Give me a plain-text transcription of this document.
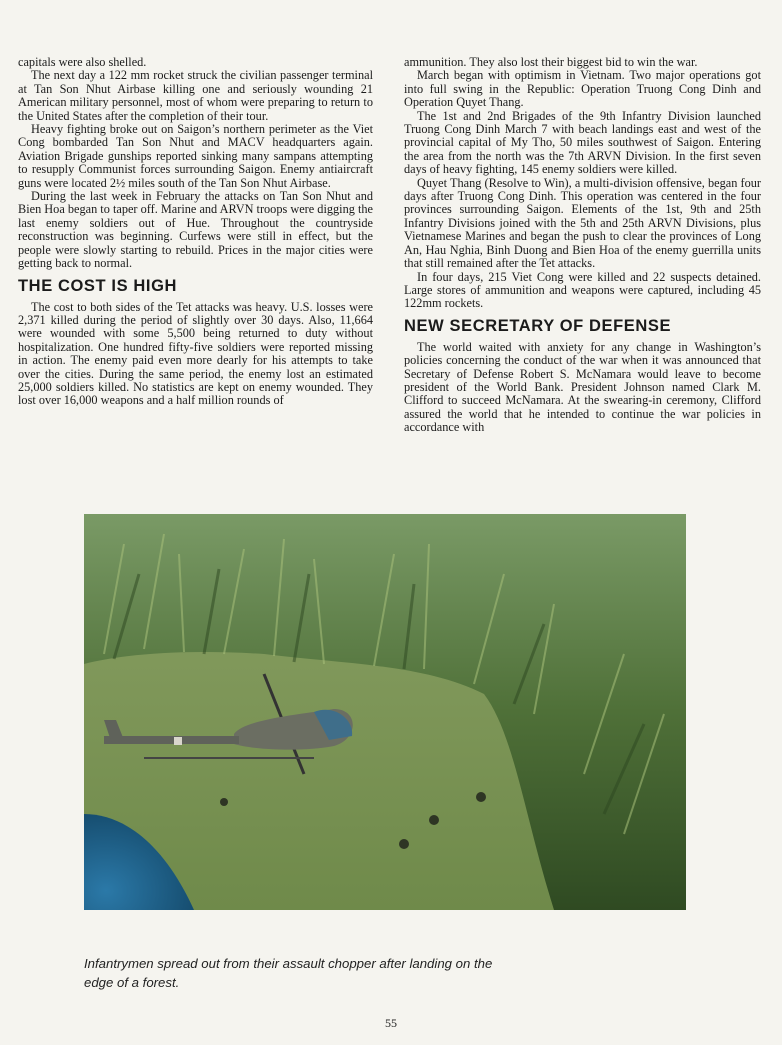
capitals were also shelled.

The next day a 122 mm rocket struck the civilian passenger terminal at Tan Son Nhut Airbase killing one and seriously wounding 21 American military personnel, most of whom were preparing to return to the United States after the completion of their tour.

Heavy fighting broke out on Saigon’s northern perimeter as the Viet Cong bombarded Tan Son Nhut and MACV headquarters again. Aviation Brigade gunships reported sinking many sampans attempting to resupply Communist forces surrounding Saigon. Enemy antiaircraft guns were located 2½ miles south of the Tan Son Nhut Airbase.

During the last week in February the attacks on Tan Son Nhut and Bien Hoa began to taper off. Marine and ARVN troops were digging the last enemy soldiers out of Hue. Throughout the countryside reconstruction was beginning. Curfews were still in effect, but the people were slowly starting to rebuild. Prices in the major cities were getting back to normal.

THE COST IS HIGH

The cost to both sides of the Tet attacks was heavy. U.S. losses were 2,371 killed during the period of slightly over 30 days. Also, 11,664 were wounded with some 5,500 being returned to duty without hospitalization. One hundred fifty-five soldiers were reported missing in action. The enemy paid even more dearly for his attempts to take over the cities. During the same period, the enemy lost an estimated 25,000 soldiers killed. No statistics are kept on enemy wounded. They lost over 16,000 weapons and a half million rounds of

ammunition. They also lost their biggest bid to win the war.

March began with optimism in Vietnam. Two major operations got into full swing in the Republic: Operation Truong Cong Dinh and Operation Quyet Thang.

The 1st and 2nd Brigades of the 9th Infantry Division launched Truong Cong Dinh March 7 with beach landings east and west of the provincial capital of My Tho, 50 miles southwest of Saigon. Entering the area from the north was the 7th ARVN Division. In the first seven days of heavy fighting, 145 enemy soldiers were killed.

Quyet Thang (Resolve to Win), a multi-division offensive, began four days after Truong Cong Dinh. This operation was centered in the four provinces surrounding Saigon. Elements of the 1st, 9th and 25th Infantry Divisions joined with the 5th and 25th ARVN Divisions, plus Vietnamese Marines and began the push to clear the provinces of Long An, Hau Nghia, Binh Duong and Bien Hoa of the enemy guerrilla units that still remained after the Tet attacks.

In four days, 215 Viet Cong were killed and 22 suspects detained. Large stores of ammunition and weapons were captured, including 45 122mm rockets.

NEW SECRETARY OF DEFENSE

The world waited with anxiety for any change in Washington’s policies concerning the conduct of the war when it was announced that Secretary of Defense Robert S. McNamara would leave to become president of the World Bank. President Johnson named Clark M. Clifford to succeed McNamara. At the swearing-in ceremony, Clifford assured the world that he intended to continue the war policies in accordance with

Infantrymen spread out from their assault chopper after landing on the edge of a forest.
55
